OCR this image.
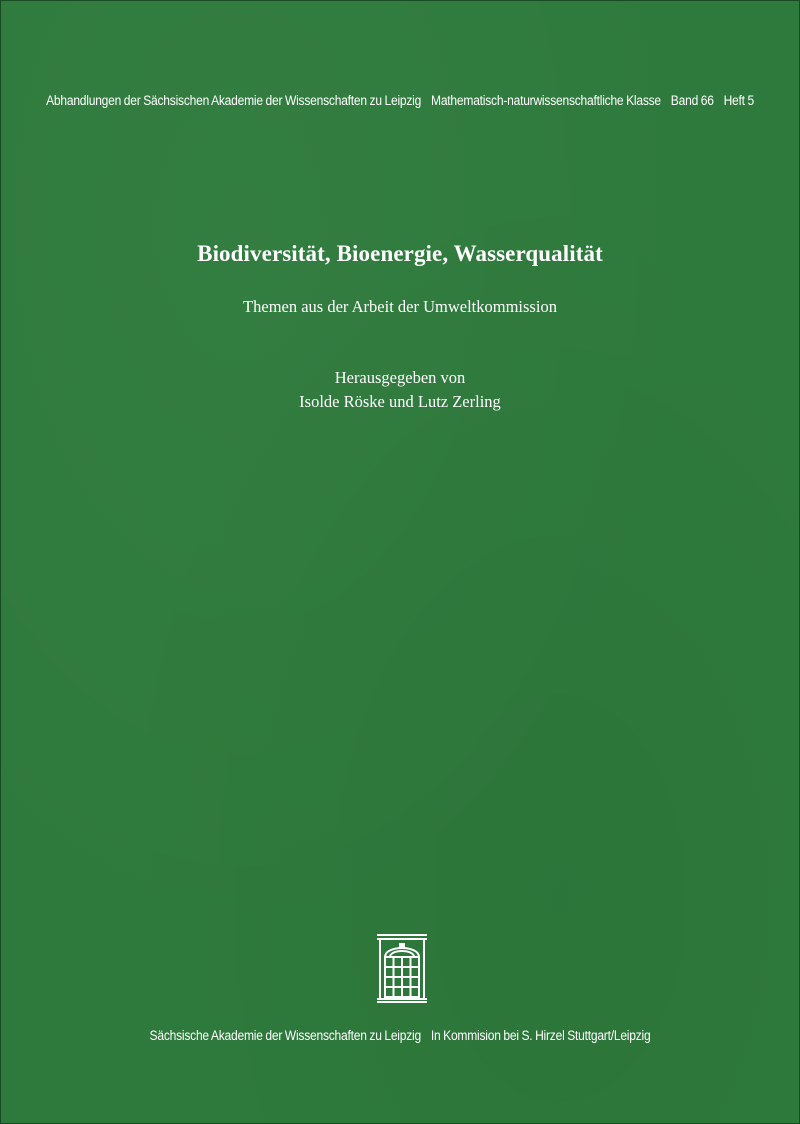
Abhandlungen der Sächsischen Akademie der Wissenschaften zu Leipzig Mathematisch-naturwissenschaftliche Klasse Band 66 Heft 5
Biodiversität, Bioenergie, Wasserqualität
Themen aus der Arbeit der Umweltkommission
Herausgegeben von
Isolde Röske und Lutz Zerling
Sächsische Akademie der Wissenschaften zu Leipzig In Kommision bei S. Hirzel Stuttgart/Leipzig
